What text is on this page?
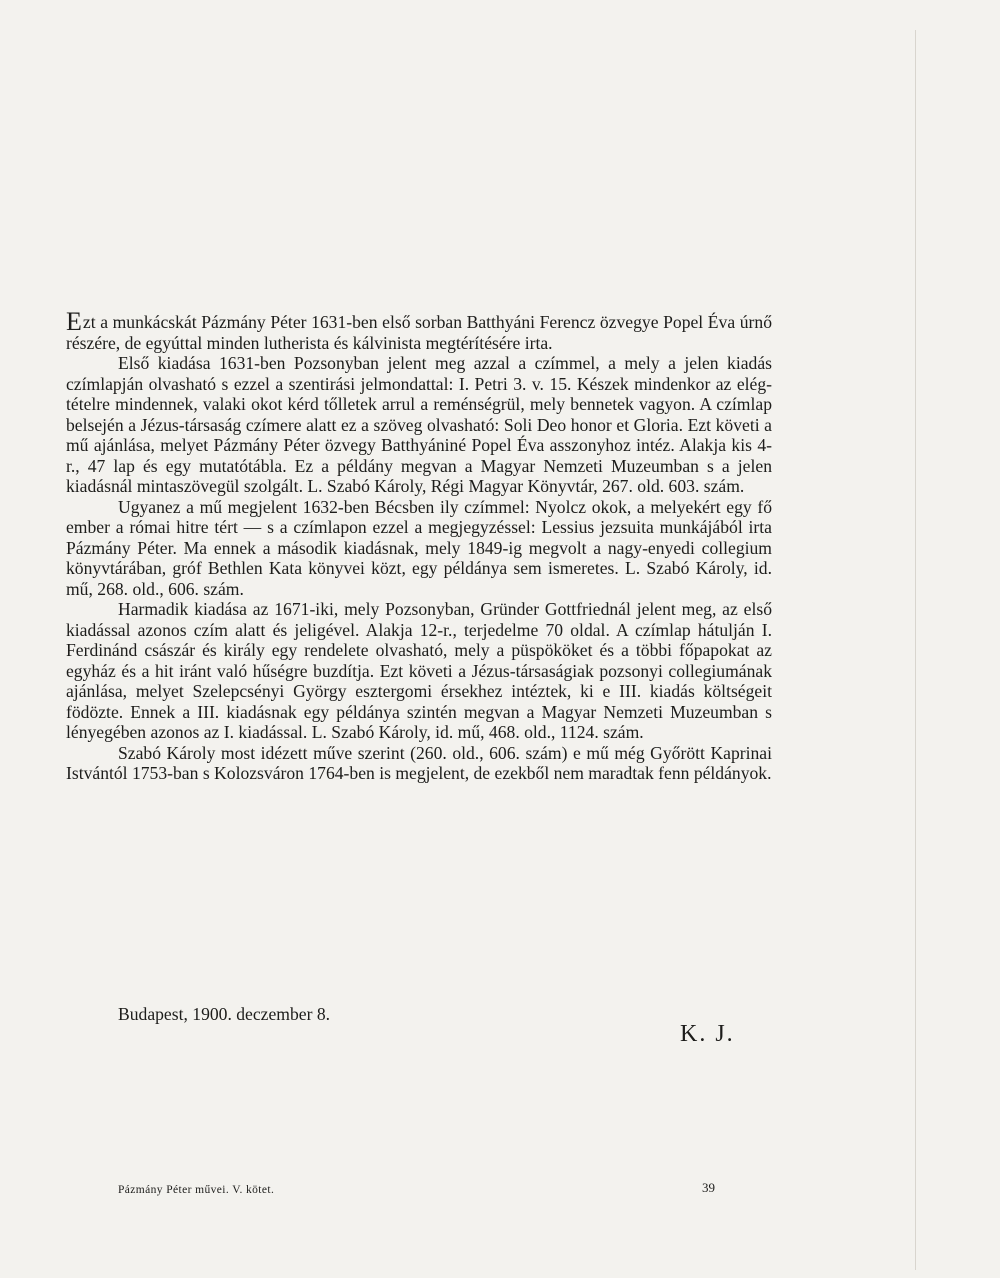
Ezt a munkácskát Pázmány Péter 1631-ben első sorban Batthyáni Ferencz özvegye Popel Éva úrnő részére, de egyúttal minden lutherista és kálvinista megtérítésére irta.

Első kiadása 1631-ben Pozsonyban jelent meg azzal a czímmel, a mely a jelen kiadás czímlapján olvasható s ezzel a szentirási jelmondattal: I. Petri 3. v. 15. Készek mindenkor az elég-tételre mindennek, valaki okot kérd tőlletek arrul a reménségrül, mely bennetek vagyon. A czímlap belsején a Jézus-társaság czímere alatt ez a szöveg olvasható: Soli Deo honor et Gloria. Ezt követi a mű ajánlása, melyet Pázmány Péter özvegy Batthyániné Popel Éva asszonyhoz intéz. Alakja kis 4-r., 47 lap és egy mutatótábla. Ez a példány megvan a Magyar Nemzeti Muzeumban s a jelen kiadásnál mintaszövegül szolgált. L. Szabó Károly, Régi Magyar Könyvtár, 267. old. 603. szám.

Ugyanez a mű megjelent 1632-ben Bécsben ily czímmel: Nyolcz okok, a melyekért egy fő ember a római hitre tért — s a czímlapon ezzel a megjegyzéssel: Lessius jezsuita munkájából irta Pázmány Péter. Ma ennek a második kiadásnak, mely 1849-ig megvolt a nagy-enyedi collegium könyvtárában, gróf Bethlen Kata könyvei közt, egy példánya sem ismeretes. L. Szabó Károly, id. mű, 268. old., 606. szám.

Harmadik kiadása az 1671-iki, mely Pozsonyban, Gründer Gottfriednál jelent meg, az első kiadással azonos czím alatt és jeligével. Alakja 12-r., terjedelme 70 oldal. A czímlap hátulján I. Ferdinánd császár és király egy rendelete olvasható, mely a püspököket és a többi főpapokat az egyház és a hit iránt való hűségre buzdítja. Ezt követi a Jézus-társaságiak pozsonyi collegiumának ajánlása, melyet Szelepcsényi György esztergomi érsekhez intéztek, ki e III. kiadás költségeit födözte. Ennek a III. kiadásnak egy példánya szintén megvan a Magyar Nemzeti Muzeumban s lényegében azonos az I. kiadással. L. Szabó Károly, id. mű, 468. old., 1124. szám.

Szabó Károly most idézett műve szerint (260. old., 606. szám) e mű még Győrött Kaprinai Istvántól 1753-ban s Kolozsváron 1764-ben is megjelent, de ezekből nem maradtak fenn példányok.

Budapest, 1900. deczember 8.
K. J.
Pázmány Péter művei. V. kötet.	39
